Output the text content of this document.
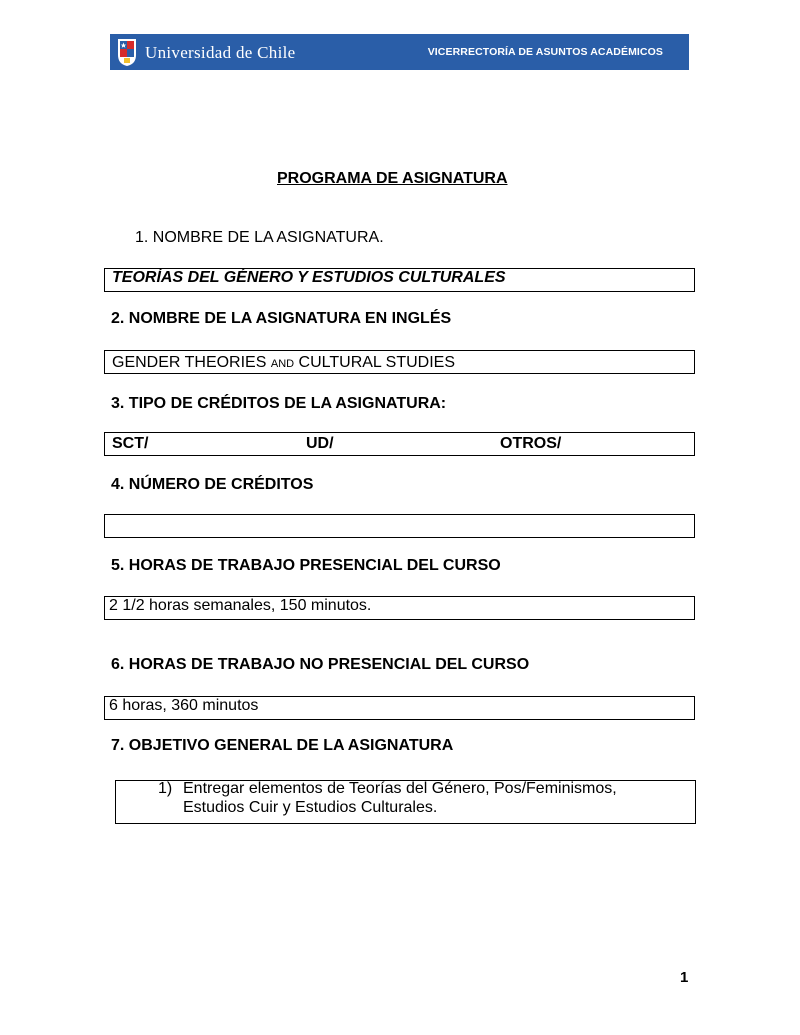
Universidad de Chile	VICERRECTORÍA DE ASUNTOS ACADÉMICOS
PROGRAMA DE ASIGNATURA
1. NOMBRE DE LA ASIGNATURA.
TEORÍAS DEL GÉNERO Y ESTUDIOS CULTURALES
2. NOMBRE DE LA ASIGNATURA EN INGLÉS
GENDER THEORIES AND CULTURAL STUDIES
3. TIPO DE CRÉDITOS DE LA ASIGNATURA:
SCT/	UD/	OTROS/
4. NÚMERO DE CRÉDITOS
5. HORAS DE TRABAJO PRESENCIAL DEL CURSO
2 1/2 horas semanales, 150 minutos.
6. HORAS DE TRABAJO NO PRESENCIAL DEL CURSO
6 horas, 360 minutos
7. OBJETIVO GENERAL DE LA ASIGNATURA
1) Entregar elementos de Teorías del Género, Pos/Feminismos,
Estudios Cuir y Estudios Culturales.
1
